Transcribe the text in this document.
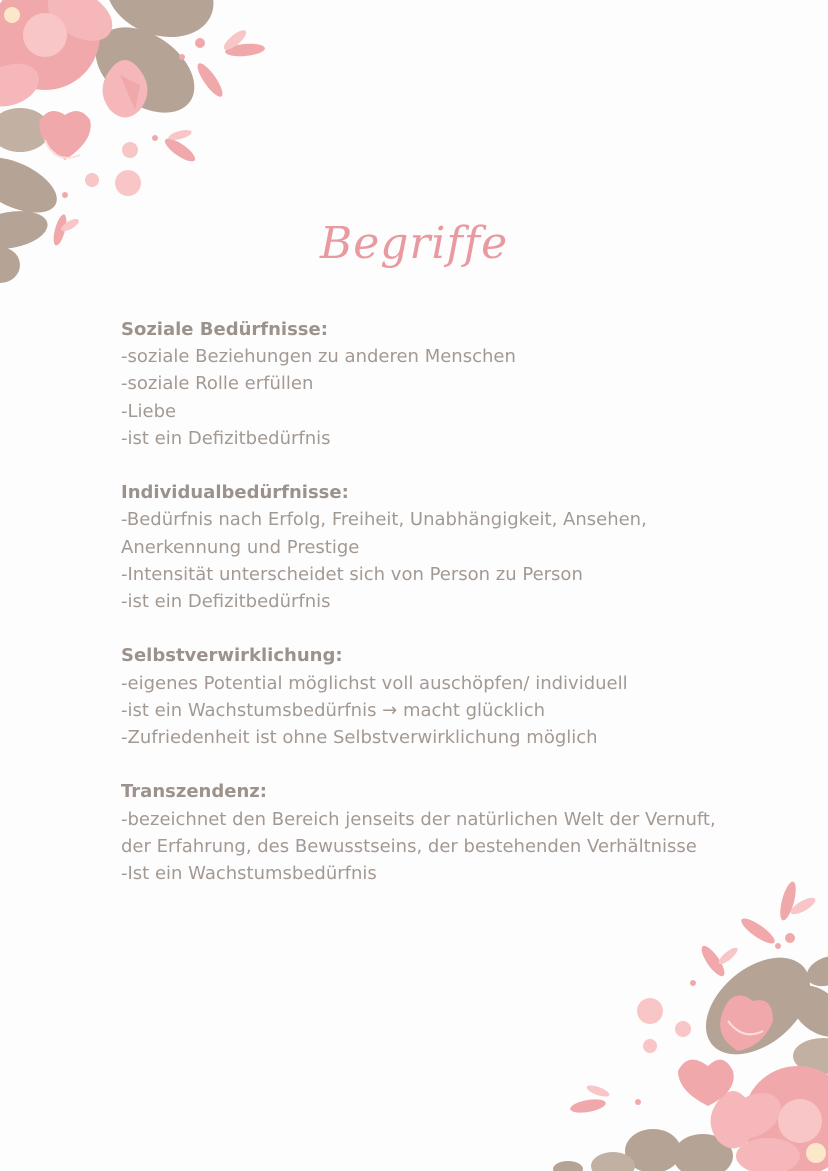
Begriffe
Soziale Bedürfnisse:

-soziale Beziehungen zu anderen Menschen

-soziale Rolle erfüllen

-Liebe

-ist ein Defizitbedürfnis

Individualbedürfnisse:

-Bedürfnis nach Erfolg, Freiheit, Unabhängigkeit, Ansehen, Anerkennung und Prestige

-Intensität unterscheidet sich von Person zu Person

-ist ein Defizitbedürfnis

Selbstverwirklichung:

-eigenes Potential möglichst voll auschöpfen/ individuell

-ist ein Wachstumsbedürfnis → macht glücklich

-Zufriedenheit ist ohne Selbstverwirklichung möglich

Transzendenz:

-bezeichnet den Bereich jenseits der natürlichen Welt der Vernuft, der Erfahrung, des Bewusstseins, der bestehenden Verhältnisse

-Ist ein Wachstumsbedürfnis
